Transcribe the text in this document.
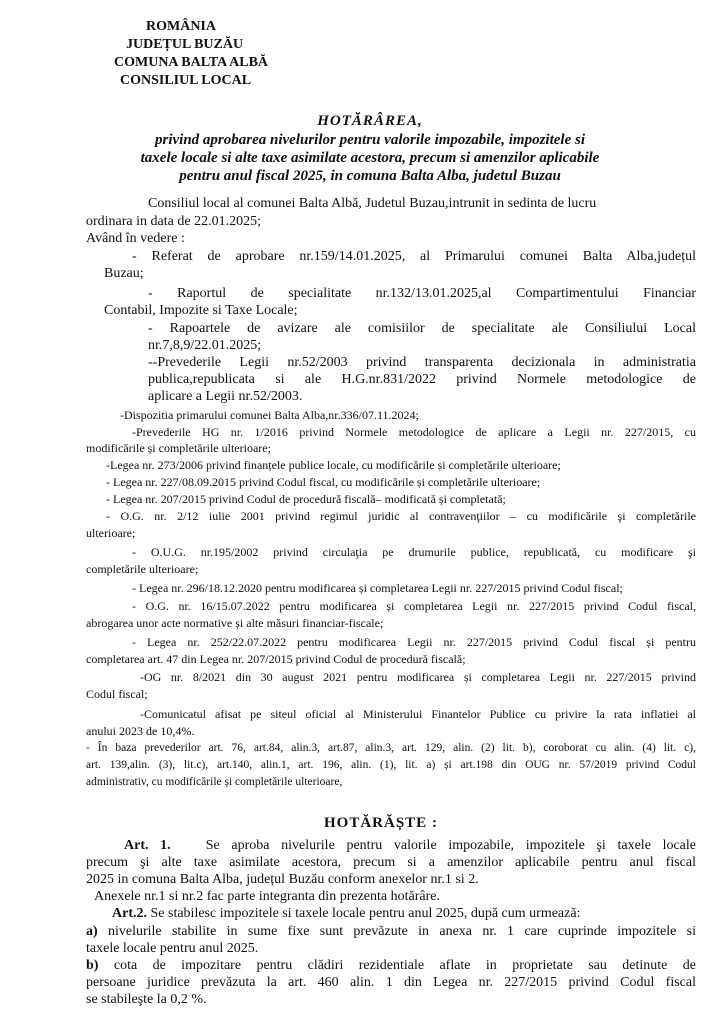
ROMÂNIA
JUDEȚUL BUZĂU
COMUNA BALTA ALBĂ
CONSILIUL LOCAL
HOTĂRÂREA,
privind aprobarea nivelurilor pentru valorile impozabile, impozitele si
taxele locale si alte taxe asimilate acestora, precum si amenzilor aplicabile
pentru anul fiscal 2025, in comuna Balta Alba, judetul Buzau
Consiliul local al comunei Balta Albă, Judetul Buzau,intrunit in sedinta de lucru
ordinara in data de 22.01.2025;
Având în vedere :
- Referat de aprobare nr.159/14.01.2025, al Primarului comunei Balta Alba,județul
Buzau;
- Raportul de specialitate nr.132/13.01.2025,al Compartimentului Financiar
Contabil, Impozite si Taxe Locale;
- Rapoartele de avizare ale comisiilor de specialitate ale Consiliului Local
nr.7,8,9/22.01.2025;
--Prevederile Legii nr.52/2003 privind transparenta decizionala in administratia
publica,republicata si ale H.G.nr.831/2022 privind Normele metodologice de
aplicare a Legii nr.52/2003.
-Dispozitia primarului comunei Balta Alba,nr.336/07.11.2024;
-Prevederile HG nr. 1/2016 privind Normele metodologice de aplicare a Legii nr. 227/2015, cu
modificările și completările ulterioare;
-Legea nr. 273/2006 privind finanțele publice locale, cu modificările și completările ulterioare;
- Legea nr. 227/08.09.2015 privind Codul fiscal, cu modificările și completările ulterioare;
- Legea nr. 207/2015 privind Codul de procedură fiscală– modificată și completată;
- O.G. nr. 2/12 iulie 2001 privind regimul juridic al contravenţiilor – cu modificările şi completările
ulterioare;
- O.U.G. nr.195/2002 privind circulaţia pe drumurile publice, republicată, cu modificare şi
completările ulterioare;
- Legea nr. 296/18.12.2020 pentru modificarea și completarea Legii nr. 227/2015 privind Codul fiscal;
- O.G. nr. 16/15.07.2022 pentru modificarea și completarea Legii nr. 227/2015 privind Codul fiscal,
abrogarea unor acte normative și alte măsuri financiar-fiscale;
- Legea nr. 252/22.07.2022 pentru modificarea Legii nr. 227/2015 privind Codul fiscal și pentru
completarea art. 47 din Legea nr. 207/2015 privind Codul de procedură fiscală;
-OG nr. 8/2021 din 30 august 2021 pentru modificarea și completarea Legii nr. 227/2015 privind
Codul fiscal;
-Comunicatul afisat pe siteul oficial al Ministerului Finantelor Publice cu privire la rata inflatiei al
anului 2023 de 10,4%.
- În baza prevederilor art. 76, art.84, alin.3, art.87, alin.3, art. 129, alin. (2) lit. b), coroborat cu alin. (4) lit. c),
art. 139,alin. (3), lit.c), art.140, alin.1, art. 196, alin. (1), lit. a) și art.198 din OUG nr. 57/2019 privind Codul
administrativ, cu modificările și completările ulterioare,
HOTĂRĂȘTE :
Art. 1.	Se aproba nivelurile pentru valorile impozabile, impozitele şi taxele locale
precum şi alte taxe asimilate acestora, precum si a amenzilor aplicabile pentru anul fiscal
2025 in comuna Balta Alba, județul Buzău conform anexelor nr.1 si 2.
Anexele nr.1 si nr.2 fac parte integranta din prezenta hotărâre.
Art.2. Se stabilesc impozitele si taxele locale pentru anul 2025, după cum urmează:
a) nivelurile stabilite in sume fixe sunt prevăzute in anexa nr. 1 care cuprinde impozitele si
taxele locale pentru anul 2025.
b) cota de impozitare pentru clădiri rezidentiale aflate in proprietate sau detinute de
persoane juridice prevăzuta la art. 460 alin. 1 din Legea nr. 227/2015 privind Codul fiscal
se stabileşte la 0,2 %.
